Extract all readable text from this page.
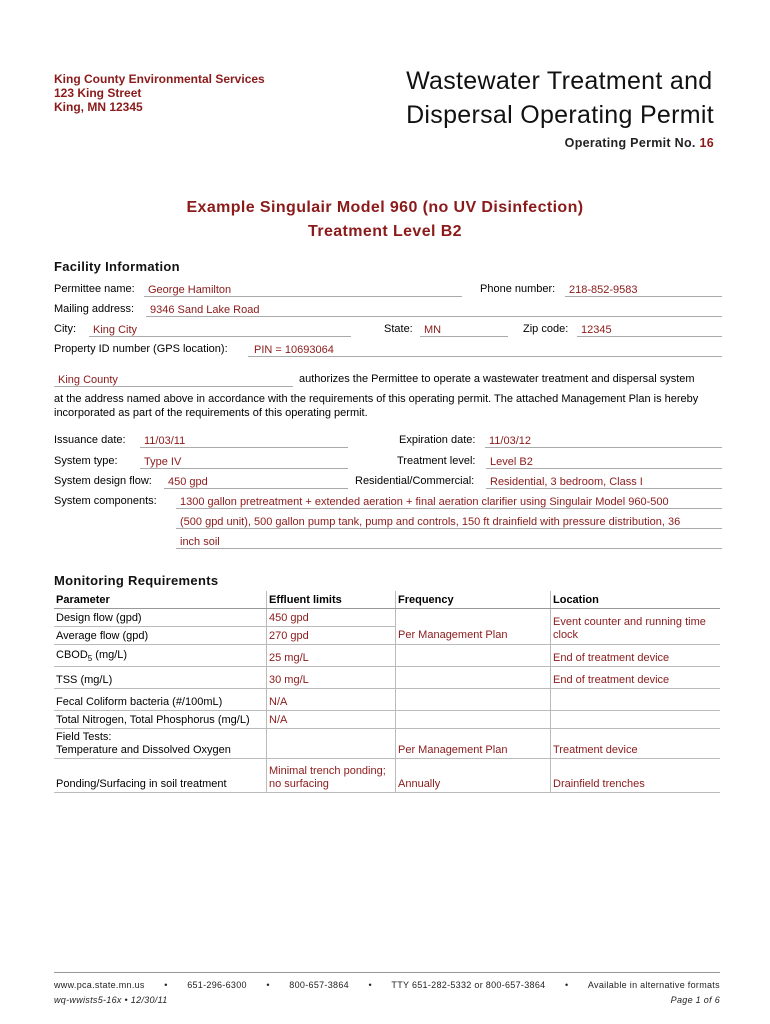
King County Environmental Services
123 King Street
King, MN 12345
Wastewater Treatment and
Dispersal Operating Permit
Operating Permit No. 16
Example Singulair Model 960 (no UV Disinfection)
Treatment Level B2
Facility Information
Permittee name:	George Hamilton	Phone number:	218-852-9583
Mailing address:	9346 Sand Lake Road
City:	King City	State:	MN	Zip code:	12345
Property ID number (GPS location):	PIN = 10693064
King County	authorizes the Permittee to operate a wastewater treatment and dispersal system
at the address named above in accordance with the requirements of this operating permit. The attached Management Plan is hereby incorporated as part of the requirements of this operating permit.
Issuance date:	11/03/11	Expiration date:	11/03/12
System type:	Type IV	Treatment level:	Level B2
System design flow:	450 gpd	Residential/Commercial:	Residential, 3 bedroom, Class I
System components:	1300 gallon pretreatment + extended aeration + final aeration clarifier using Singulair Model 960-500
(500 gpd unit), 500 gallon pump tank, pump and controls, 150 ft drainfield with pressure distribution, 36
inch soil
Monitoring Requirements
Parameter	Effluent limits	Frequency	Location
Design flow (gpd)	450 gpd	Per Management Plan	Event counter and running time clock
Average flow (gpd)	270 gpd		
$CBOD_5$ (mg/L)	25 mg/L		End of treatment device
TSS (mg/L)	30 mg/L		End of treatment device
Fecal Coliform bacteria (#/100mL)	N/A		
Total Nitrogen, Total Phosphorus (mg/L)	N/A		

Field Tests:
Temperature and Dissolved Oxygen		Per Management Plan	Treatment device
Ponding/Surfacing in soil treatment	Minimal trench ponding; no surfacing	Annually	Drainfield trenches
www.pca.state.mn.us • 651-296-6300 • 800-657-3864 • TTY 651-282-5332 or 800-657-3864 • Available in alternative formats
wq-wwists5-16x • 12/30/11	Page 1 of 6
